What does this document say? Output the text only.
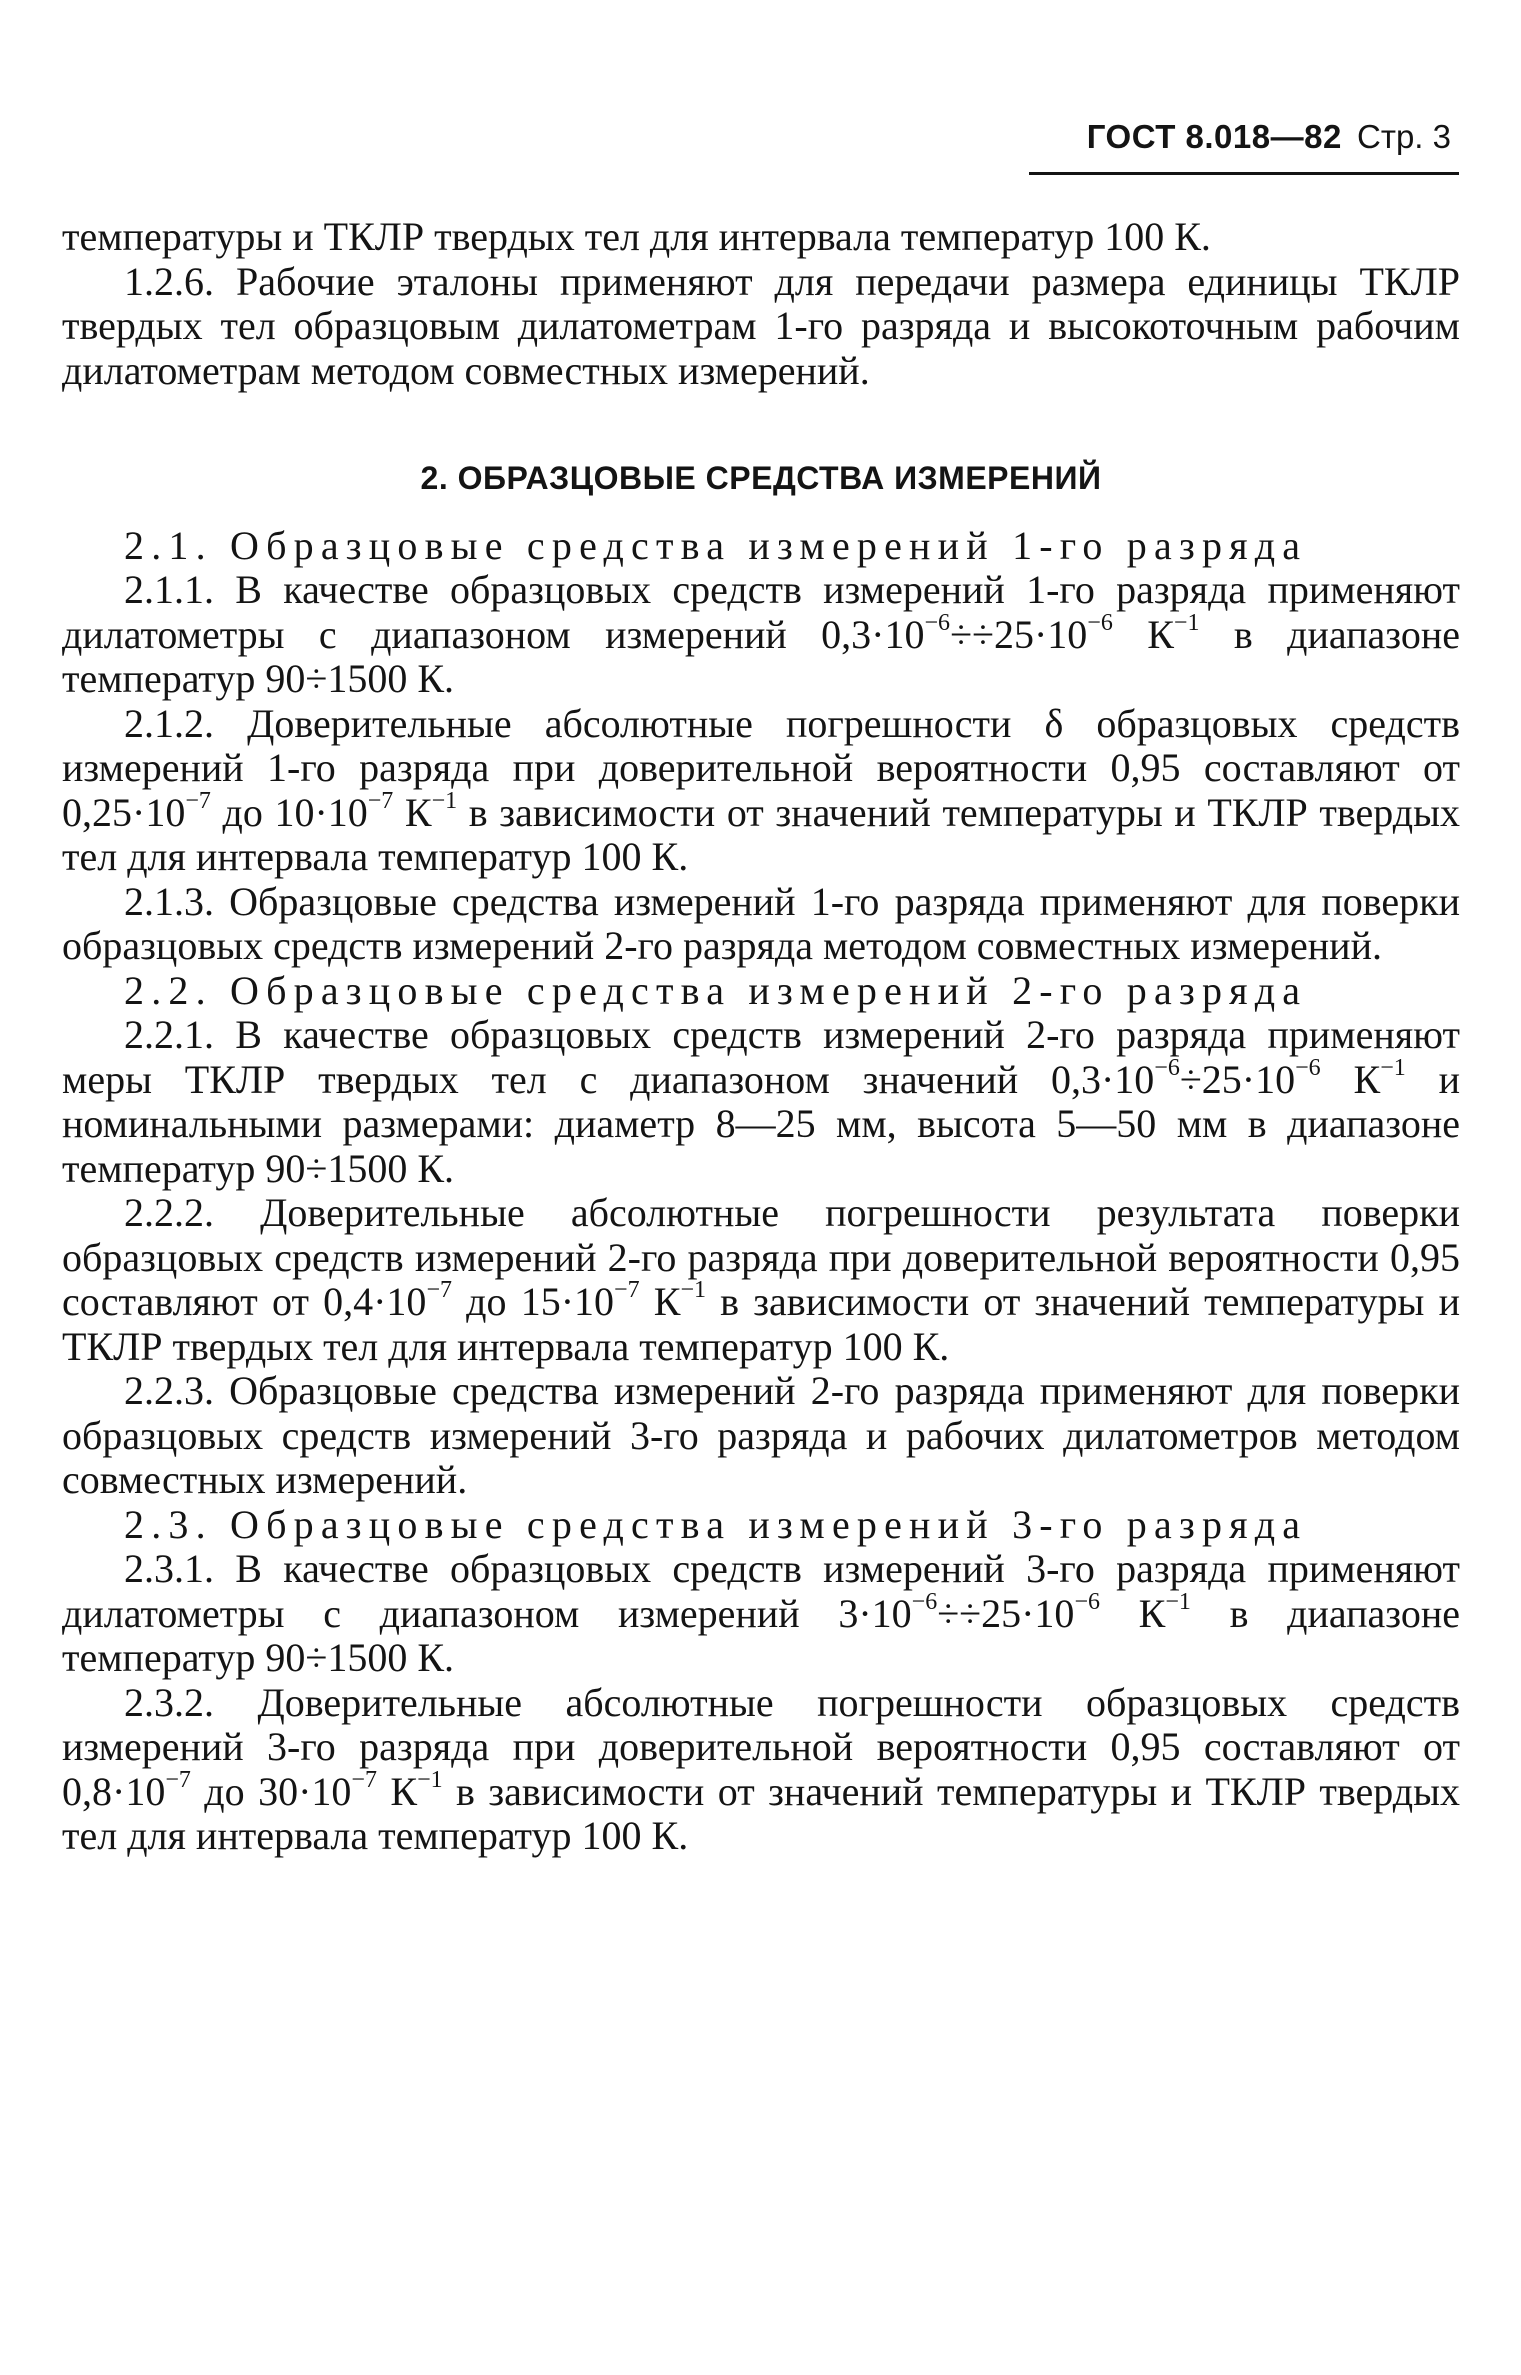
ГОСТ 8.018—82 Стр. 3

температуры и ТКЛР твердых тел для интервала температур 100 К.

1.2.6. Рабочие эталоны применяют для передачи размера единицы ТКЛР твердых тел образцовым дилатометрам 1-го разряда и высокоточным рабочим дилатометрам методом совместных измерений.

2. ОБРАЗЦОВЫЕ СРЕДСТВА ИЗМЕРЕНИЙ

2.1. Образцовые средства измерений 1-го разряда

2.1.1. В качестве образцовых средств измерений 1-го разряда применяют дилатометры с диапазоном измерений $0,3\cdot 10^{-6}\div\div 25\cdot 10^{-6}$ $К^{-1}$ в диапазоне температур 90÷1500 К.

2.1.2. Доверительные абсолютные погрешности δ образцовых средств измерений 1-го разряда при доверительной вероятности 0,95 составляют от $0,25\cdot 10^{-7}$ до $10\cdot 10^{-7}$ $К^{-1}$ в зависимости от значений температуры и ТКЛР твердых тел для интервала температур 100 К.

2.1.3. Образцовые средства измерений 1-го разряда применяют для поверки образцовых средств измерений 2-го разряда методом совместных измерений.

2.2. Образцовые средства измерений 2-го разряда

2.2.1. В качестве образцовых средств измерений 2-го разряда применяют меры ТКЛР твердых тел с диапазоном значений $0,3\cdot 10^{-6}\div 25\cdot 10^{-6}$ $К^{-1}$ и номинальными размерами: диаметр 8—25 мм, высота 5—50 мм в диапазоне температур 90÷1500 К.

2.2.2. Доверительные абсолютные погрешности результата поверки образцовых средств измерений 2-го разряда при доверительной вероятности 0,95 составляют от $0,4\cdot 10^{-7}$ до $15\cdot 10^{-7}$ $К^{-1}$ в зависимости от значений температуры и ТКЛР твердых тел для интервала температур 100 К.

2.2.3. Образцовые средства измерений 2-го разряда применяют для поверки образцовых средств измерений 3-го разряда и рабочих дилатометров методом совместных измерений.

2.3. Образцовые средства измерений 3-го разряда

2.3.1. В качестве образцовых средств измерений 3-го разряда применяют дилатометры с диапазоном измерений $3\cdot 10^{-6}\div\div 25\cdot 10^{-6}$ $К^{-1}$ в диапазоне температур 90÷1500 К.

2.3.2. Доверительные абсолютные погрешности образцовых средств измерений 3-го разряда при доверительной вероятности 0,95 составляют от $0,8\cdot 10^{-7}$ до $30\cdot 10^{-7}$ $К^{-1}$ в зависимости от значений температуры и ТКЛР твердых тел для интервала температур 100 К.
